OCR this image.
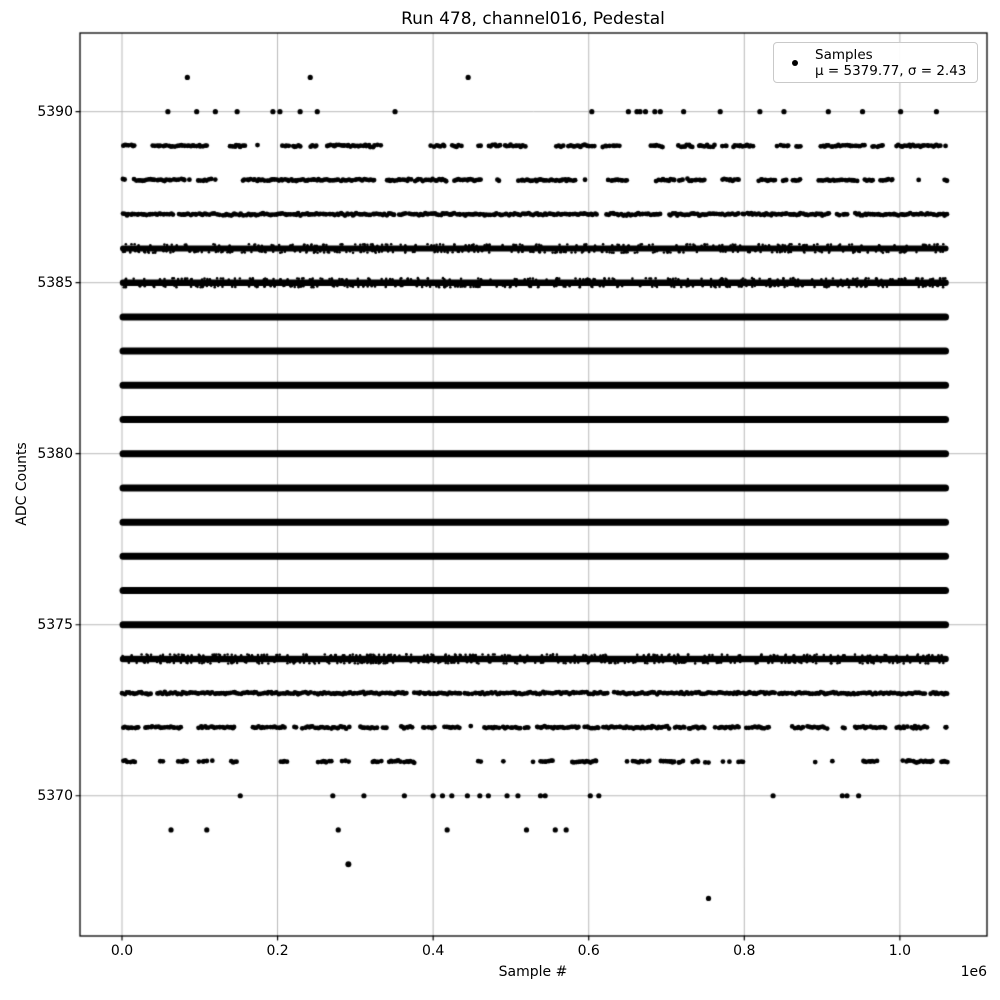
Run 478, channel016, Pedestal
ADC Counts
Sample #	1e6
5370
5375
5380
5385
5390
0.0	0.2	0.4	0.6	0.8	1.0
Samples
μ = 5379.77, σ = 2.43
